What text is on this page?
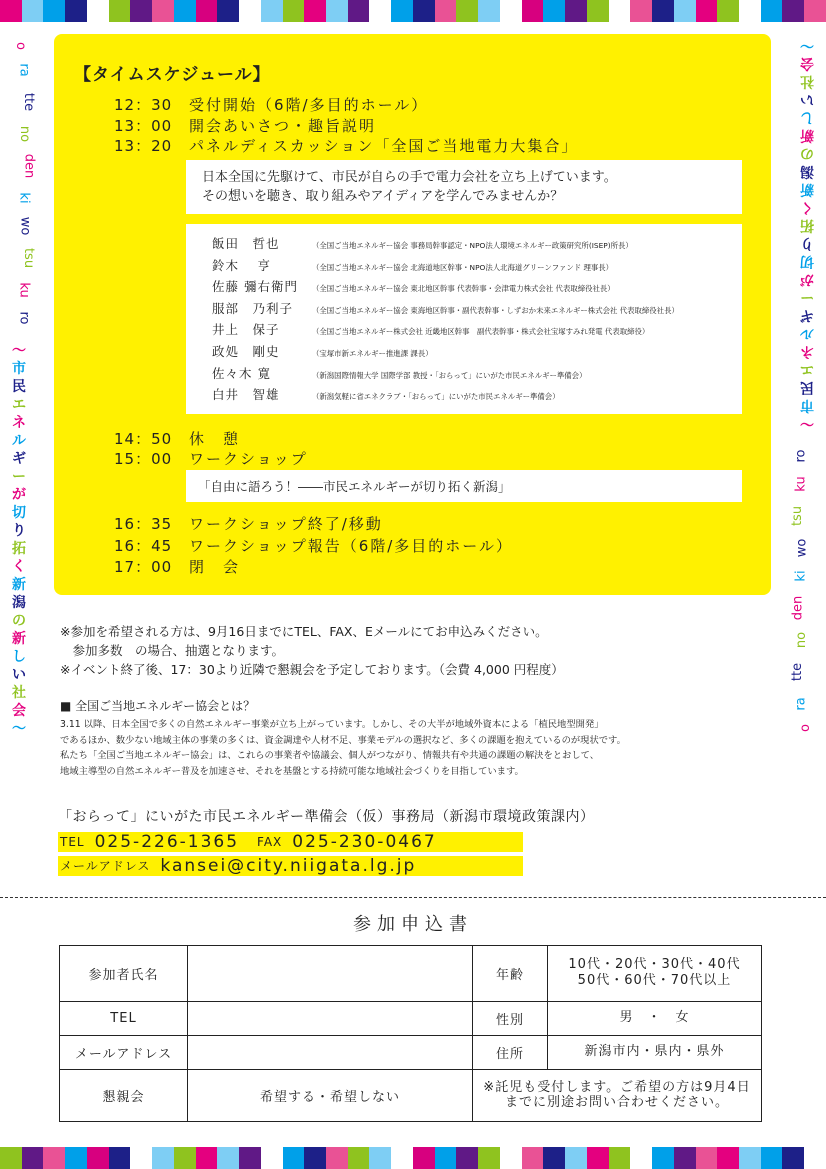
o
ra
tte
no
den
ki
wo
tsu
ku
ro
〜
市
民
エ
ネ
ル
ギ
ー
が
切
り
拓
く
新
潟
の
新
し
い
社
会
〜
〜
会
社
い
し
新
の
潟
新
く
拓
り
切
が
ー
ギ
ル
ネ
エ
民
市
〜
ro
ku
tsu
wo
ki
den
no
tte
ra
o
【タイムスケジュール】
12：30	受付開始（6階/多目的ホール）
13：00	開会あいさつ・趣旨説明
13：20	パネルディスカッション「全国ご当地電力大集合」
日本全国に先駆けて、市民が自らの手で電力会社を立ち上げています。
その想いを聴き、取り組みやアイディアを学んでみませんか？
飯田　哲也	（全国ご当地エネルギー協会 事務局幹事認定・NPO法人環境エネルギー政策研究所(ISEP)所長）
鈴木　 亨	（全国ご当地エネルギー協会 北海道地区幹事・NPO法人北海道グリーンファンド 理事長）
佐藤 彌右衛門	（全国ご当地エネルギー協会 東北地区幹事 代表幹事・会津電力株式会社 代表取締役社長）
服部　乃利子	（全国ご当地エネルギー協会 東海地区幹事・副代表幹事・しずおか未来エネルギー株式会社 代表取締役社長）
井上　保子	（全国ご当地エネルギー株式会社 近畿地区幹事　副代表幹事・株式会社宝塚すみれ発電 代表取締役）
政処　剛史	（宝塚市新エネルギー推進課 課長）
佐々木 寛	（新潟国際情報大学 国際学部 教授・「おらって」にいがた市民エネルギー準備会）
白井　智雄	（新潟気軽に省エネクラブ・「おらって」にいがた市民エネルギー準備会）
14：50	休　憩
15：00	ワークショップ
「自由に語ろう！――市民エネルギーが切り拓く新潟」
16：35	ワークショップ終了/移動
16：45	ワークショップ報告（6階/多目的ホール）
17：00	閉　会
※参加を希望される方は、9月16日までにTEL、FAX、Eメールにてお申込みください。
　参加多数　の場合、抽選となります。
※イベント終了後、17：30より近隣で懇親会を予定しております。（会費 4,000 円程度）
■ 全国ご当地エネルギー協会とは？
3.11 以降、日本全国で多くの自然エネルギー事業が立ち上がっています。しかし、その大半が地域外資本による「植民地型開発」
であるほか、数少ない地域主体の事業の多くは、資金調達や人材不足、事業モデルの選択など、多くの課題を抱えているのが現状です。
私たち「全国ご当地エネルギー協会」は、これらの事業者や協議会、個人がつながり、情報共有や共通の課題の解決をとおして、
地域主導型の自然エネルギー普及を加速させ、それを基盤とする持続可能な地域社会づくりを目指しています。
「おらって」にいがた市民エネルギー準備会（仮）事務局（新潟市環境政策課内）
TEL 025-226-1365 FAX 025-230-0467
メールアドレス kansei@city.niigata.lg.jp
参加申込書
参加者氏名		年齢	10代・20代・30代・40代
50代・60代・70代以上

TEL		性別	男　・　女

メールアドレス		住所	新潟市内・県内・県外

懇親会	希望する・希望しない	※託児も受付します。ご希望の方は9月4日
までに別途お問い合わせください。	
